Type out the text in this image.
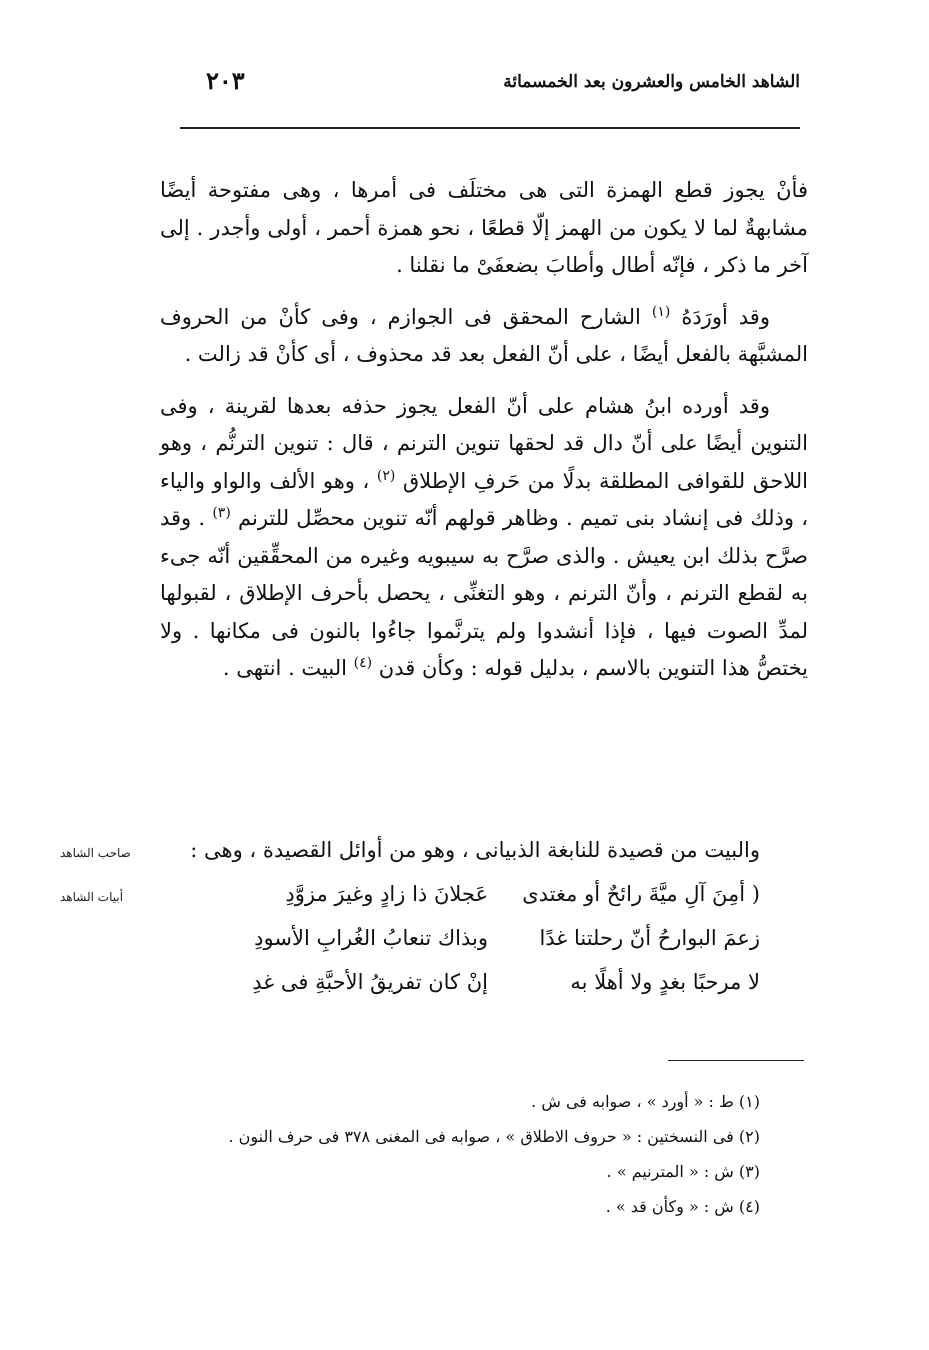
الشاهد الخامس والعشرون بعد الخمسمائة
٢٠٣

فأنْ يجوز قطع الهمزة التى هى مختلَف فى أمرها ، وهى مفتوحة أيضًا مشابهةٌ لما لا يكون من الهمز إلّا قطعًا ، نحو همزة أحمر ، أولى وأجدر . إلى آخر ما ذكر ، فإنّه أطال وأطابَ بضعفَىْ ما نقلنا .

وقد أورَدَهُ $^{(١)}$ الشارح المحقق فى الجوازم ، وفى كأنْ من الحروف المشبَّهة بالفعل أيضًا ، على أنّ الفعل بعد قد محذوف ، أى كأنْ قد زالت .

وقد أورده ابنُ هشام على أنّ الفعل يجوز حذفه بعدها لقرينة ، وفى التنوين أيضًا على أنّ دال قد لحقها تنوين الترنم ، قال : تنوين الترنُّم ، وهو اللاحق للقوافى المطلقة بدلًا من حَرفِ الإطلاق $^{(٢)}$ ، وهو الألف والواو والياء ، وذلك فى إنشاد بنى تميم . وظاهر قولهم أنّه تنوين محصِّل للترنم $^{(٣)}$ . وقد صرَّح بذلك ابن يعيش . والذى صرَّح به سيبويه وغيره من المحقِّقين أنّه جىء به لقطع الترنم ، وأنّ الترنم ، وهو التغنِّى ، يحصل بأحرف الإطلاق ، لقبولها لمدِّ الصوت فيها ، فإذا أنشدوا ولم يترنَّموا جاءُوا بالنون فى مكانها . ولا يختصُّ هذا التنوين بالاسم ، بدليل قوله : وكأن قدن $^{(٤)}$ البيت . انتهى .

والبيت من قصيدة للنابغة الذبيانى ، وهو من أوائل القصيدة ، وهى :
صاحب الشاهد
( أمِنَ آلِ ميَّةَ رائحٌ أو مغتدى
عَجلانَ ذا زادٍ وغيرَ مزوَّدِ
أبيات الشاهد
زعمَ البوارحُ أنّ رحلتنا غدًا
وبذاك تنعابُ الغُرابِ الأسودِ
لا مرحبًا بغدٍ ولا أهلًا به
إنْ كان تفريقُ الأحبَّةِ فى غدِ
(١) ط : « أورد » ، صوابه فى ش .
(٢) فى النسختين : « حروف الاطلاق » ، صوابه فى المغنى ٣٧٨ فى حرف النون .
(٣) ش : « المترنيم » .
(٤) ش : « وكأن قد » .
